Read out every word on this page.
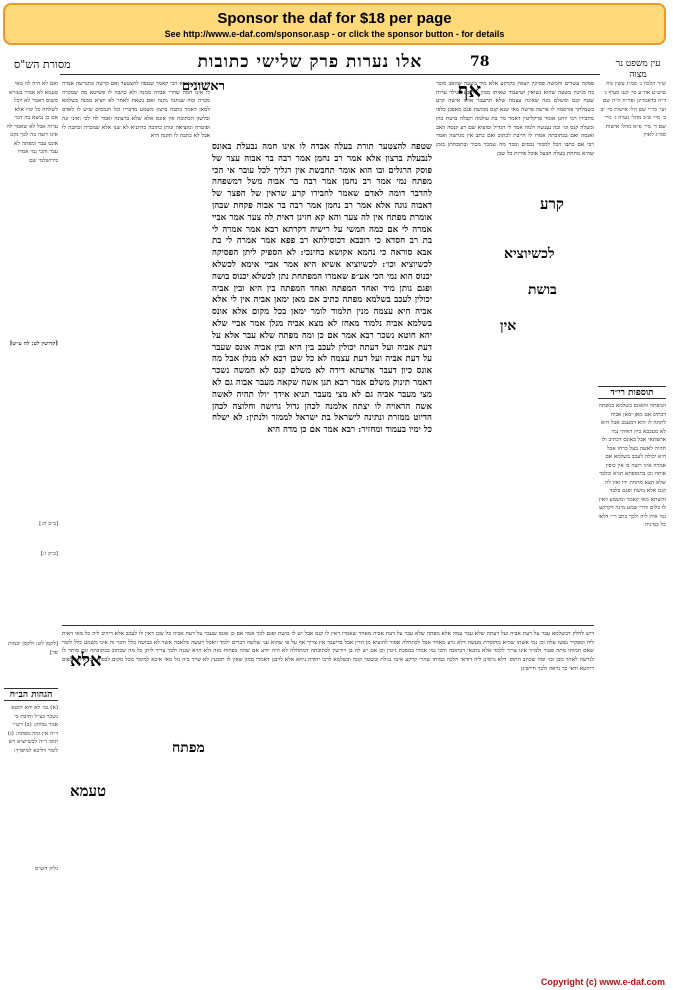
Sponsor the daf for $18 per page
See http://www.e-daf.com/sponsor.asp - or click the sponsor button - for details
מסורת הש"ס	אלו נערות פרק שלישי כתובות	78	עין משפט נר מצוה
ואם לא היה לה מאי טעמא לא אמרו בעזרא משום דאמר לא יוכל לשלחה כל ימיו אלא אם כן נמצא בה דבר ערוה אבל לא שאמר לה אינו רוצה בה לכך נקט אונס עבר ומפתה לא עבר והכי נמי אמרו בירושלמי שם
[קדושין לט: לה ע״ש]
[ב״ב ח:]
[ב״ק ו:]
[לקמן לט: ולקמן יבמות סד]
הגהות הב״ח
(א) גמ׳ לא יהא חוטא נשכר כצ״ל ותיבת כי אמר נמחק: (ב) רש״י ד״ה אין ומה מפתה: (ג) תוס׳ ד״ה לכשיוציא ויש לומר דליכא למיפרך:
גליון הש״ס
אי בעית אימא הכי קאמר שטפה להצטער ואם קדשה ונתגרשה אבדה לו אינו חמה שהרי אבדה ממנה ולא כתבה לו פשיטא מה שמכרה מכרה ומה שנתנה נתנה ואם נשאת לאחר לא יוציא ממנה בשלמא למאן דאמר כתבה ברצון משמע מדבריו וכל הנכסים שיש לו לאדם ובלשון הכתובה אין אונס אלא שלא ברצונה ואמר לה לכי ואיני זנה ופוטרה ומוציאה ונותן כתובה כדתניא לא שנו אלא שמכרה וכתבה לו אבל לא כתבה לו תקנה היא
ראשונים
שטפה להצטער תורת בעלה אבדה לו אינו חמה נבעלת באונס לנבעלת ברצון אלא אמר רב נחמן אמר רבה בר אבוה עצר של פוסק הרגלים ובו הוא אומר תחבשת אין רגליך לכל עובר אי הכי מפתח נמי אמר רב נחמן אמר רבה בר אבוה משל דמשפחה להדבר דומה לאדם שאמר לחבירו קרע שראין של הפצר של דאבוה נוגה אלא אמר רב נחמן אמר רבה בר אבוה פקחת שבהן אומרת מפתח אין לה צער והא קא חזינן דאית לה צער אמר אביי אמרה לי אם כמה חמשי על רישיה דקרתא רבא אמר אמרה לי בת רב חסדא כי רוכבא דכוסילתא רב פפא אמר אמרה לי בת אבא סוראה כי נהמא אקושא בחינכי: לא הספיק ליתן הפסיקה לכשיוציא וכו׳: לכשיוציא אשיא היא אמר אביי אימא לכשלא יכנוס הוא נמי הכי אע״פ שאמרו המפתחת נתן לכשלא יכנוס בושה ופגם נותן מיד ואחד המפתה ואחד המפתה בין היא ובין אביה יכולין לעכב בשלמא מפתה כתיב אם מאן ימאן אביה אין לי אלא אביה היא עצמה מנין תלמוד לומר ימאן בכל מקום אלא אונס בשלמא אביה נלמוד מאחז לא מצא אביה מנלן אמר אביי שלא יהא חוטא נשכר רבא אמר אם כן ומה מפתה שלא עבר אלא על דעת אביה ועל דעתה יכולין לעכב בין היא ובין אביה אונס שעבר על דעת אביה ועל דעת עצמה לא כל שכן רבא לא מנלן אבל מה אונס כיון דעבר אדעתא דידה לא משלם קנס לא חמשה נשכר דאמר תינוק משלם אמר רבא תנן אשה שקאה מעבר אבוה גם לא מצי מעבר אביה גם לא מצי מעבר תניא אידך ״ולו תהיה לאשה אשה הראויה לו יצתה אלמנה לכהן גדול גרושה וחלוצה לכהן הדיוט ממזרת ונתינה לישראל בת ישראל לממזר ולנתין: לא ישלח כל ימיו בעמוד ומחזיר: רבא אמר אם כן מדה היא
אף
פסקה עשרים וחמשה פסיקין יוצאין בקרקע אלא מיד בשעה שהאב מוכר בה בגיטין בשעה שהוא נשואין ושיעבוד שאותו ממון שתובע מגילוי ערות שטח קנס ומשלם מנה שאינה עצמה שלא תתעבר אותו אישה קרע בשמלתך פורסמה לו פרשה פרשה מאי שנא קנס מבושת פגם מאפכן כלפי מחבירו רבי יוחנן אומר פרקליטין דאמר מר בת עולמה וקבלה בושת כהן ומעלה קנס וגו׳ ובה נענשה ולמה אמר לי הגדיל ומוציא שם רע קנסה האב ואנסה ואם בכתובתה אמרו לו חייבת לכתוב ואם כתב אין מגרשה ואמר רבי אם כתבו הכל למכור נכסים ומכר מה שמכר מכור ובתוכחתן בזמן שהיא מתחת בעלה הבעל אוכל פירות כל שכן
קרע
לכשיוציא
בושת
אין
ש״ד הלכה ג׳ סמ״ג עשין מח טוש״ע אה״ע סי׳ קעז סעיף ג׳ ד״ה בדאמרינן ופר״ח ה״ה שם ועי׳ בר״י שם הל׳ אישות סי׳ יב ב׳ מיי׳ פ״ב מהל׳ נערה ג׳ מיי׳ שם ד׳ מיי׳ פ״א מהל׳ אישות סמ״ג לאוין
תוספות רי״ד
המפתה והאונס בשלמא במפתה דכתיב אם מאן ימאן אביה לתתה לו הוא דמעכב אבל היא לא מעכבא כיון דאיהי נמי אתפתאי אבל באונס דכתיב ולו תהיה לאשה בעל כרחו אבל היא יכולה לעכב בשלמא אם אמרה איני רוצה בו אין כופין אותה וכן בתוספתא תניא ובלבד שלא תצא מתחת ידו ואין לה קנס אלא בושת ופגם בלבד והשתא מאי קאמר ומשמע דאין לו כלום והרי שמע מינה דקרקע נמי אית ליה ולכך כתב ר״י דלאו כל כמיניה
אלא
מפתח
טעמא
דיש לחלק דבשלמא עבר על דעת אביה ועל דעתה שלא עבר עמה אלא מפתה שלא עבר על דעת אביה מאחר שאמרו דאין לו קנס אבל יש לו בושת ופגם לכך אמר אם כן אונס שעבר על דעת אביה כל שכן דאין לו לעכב אלא דיהיב ליה כל מאי דאית ליה ומפקיר נפשו עלה וכן נמי אשתו שהיא מחוסרת מעשה דלא גרע מאחר אבל לכתחלה אסור להוציא מן הדין אבל בדיעבד אין צריך אף על פי שהוא עני שלשה דברים ילמד ויאכל ויעשה מלאכה אשר לא בבושה כלל ודבר זה אינו משמע כלל לומר שאם חמותו מתה פטור ולמ״ד אינו צריך ללמד אלא בתנאי דכתובה והכי נמי אמרו במסכת גיטין וכן אם יש לה בן ויורשין לכתובתה דמתחלה לא היה יודע אם שהה בפחות מזה ולא הויא שגגה ולכך צריך ליתן כל מה שכתוב בכתובתה וגם מותר לו לגרשה לאחר מכן וכו׳ ומה שכתב התוס׳ דלא גרסינן ליה דודאי הלכה כמותו שהרי קרקע אינה נגזלת ובשטר קונה ובשלמא לרבי יהודה ניחא אלא לרבנן דאמרי ממון שאין לו תובעין לא שייך ביה גזל מאי איכא למימר מכל מקום לבסוף הכי איתא לפום ריהטא ודאי כך נראה ולכך חיישינן
Copyright (c) www.e-daf.com
